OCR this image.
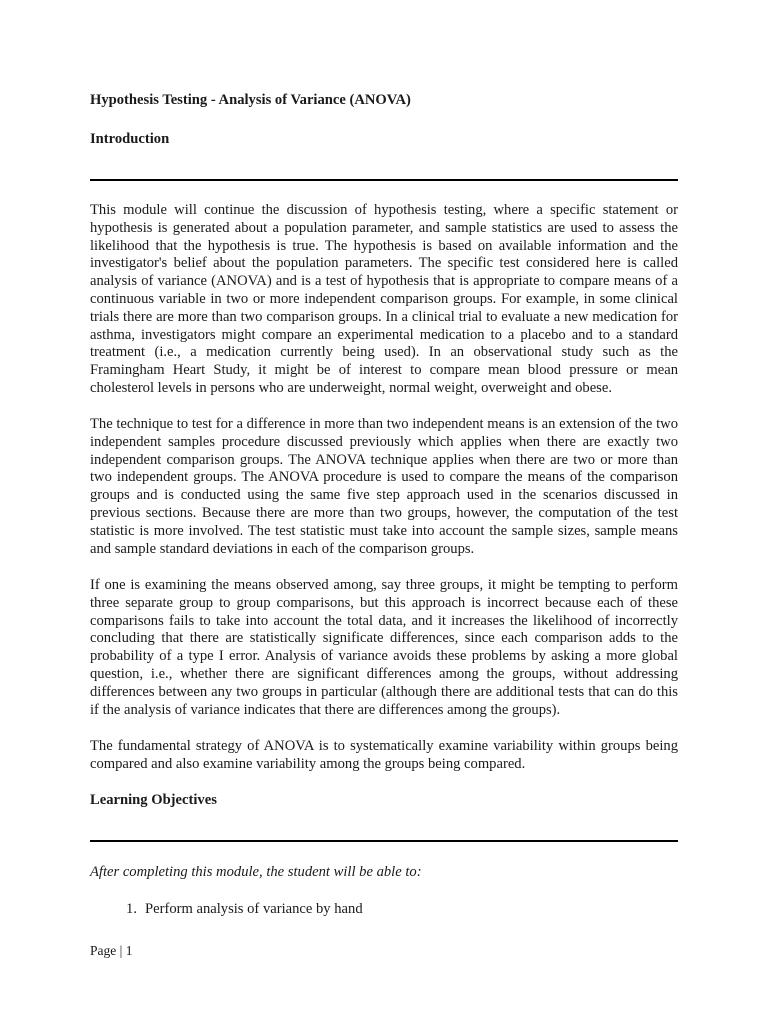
Hypothesis Testing - Analysis of Variance (ANOVA)
Introduction

This module will continue the discussion of hypothesis testing, where a specific statement or hypothesis is generated about a population parameter, and sample statistics are used to assess the likelihood that the hypothesis is true. The hypothesis is based on available information and the investigator's belief about the population parameters. The specific test considered here is called analysis of variance (ANOVA) and is a test of hypothesis that is appropriate to compare means of a continuous variable in two or more independent comparison groups. For example, in some clinical trials there are more than two comparison groups. In a clinical trial to evaluate a new medication for asthma, investigators might compare an experimental medication to a placebo and to a standard treatment (i.e., a medication currently being used). In an observational study such as the Framingham Heart Study, it might be of interest to compare mean blood pressure or mean cholesterol levels in persons who are underweight, normal weight, overweight and obese.

The technique to test for a difference in more than two independent means is an extension of the two independent samples procedure discussed previously which applies when there are exactly two independent comparison groups. The ANOVA technique applies when there are two or more than two independent groups. The ANOVA procedure is used to compare the means of the comparison groups and is conducted using the same five step approach used in the scenarios discussed in previous sections. Because there are more than two groups, however, the computation of the test statistic is more involved. The test statistic must take into account the sample sizes, sample means and sample standard deviations in each of the comparison groups.

If one is examining the means observed among, say three groups, it might be tempting to perform three separate group to group comparisons, but this approach is incorrect because each of these comparisons fails to take into account the total data, and it increases the likelihood of incorrectly concluding that there are statistically significate differences, since each comparison adds to the probability of a type I error. Analysis of variance avoids these problems by asking a more global question, i.e., whether there are significant differences among the groups, without addressing differences between any two groups in particular (although there are additional tests that can do this if the analysis of variance indicates that there are differences among the groups).

The fundamental strategy of ANOVA is to systematically examine variability within groups being compared and also examine variability among the groups being compared.

Learning Objectives

After completing this module, the student will be able to:

1. Perform analysis of variance by hand
Page | 1
